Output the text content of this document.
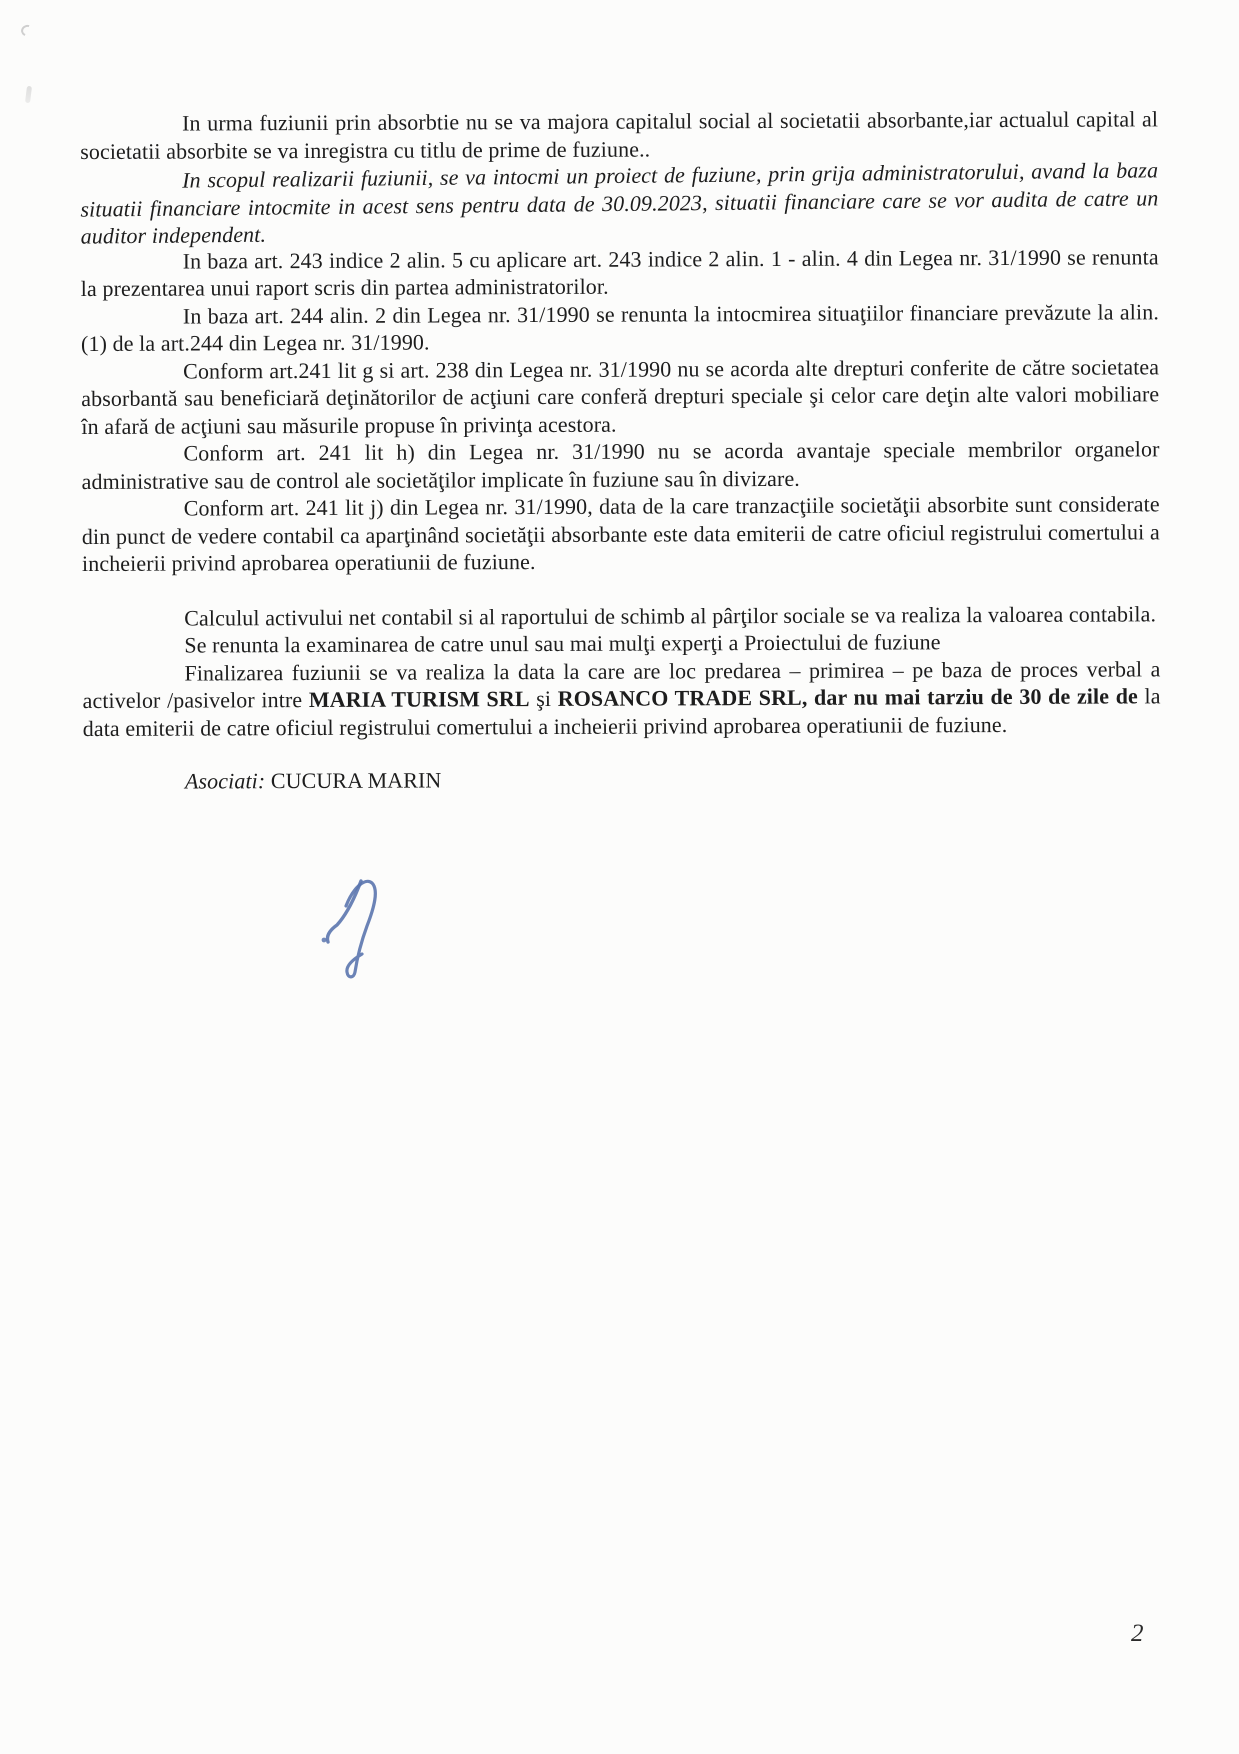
In urma fuziunii prin absorbtie nu se va majora capitalul social al societatii absorbante,iar actualul capital al societatii absorbite se va inregistra cu titlu de prime de fuziune..

In scopul realizarii fuziunii, se va intocmi un proiect de fuziune, prin grija administratorului, avand la baza situatii financiare intocmite in acest sens pentru data de 30.09.2023, situatii financiare care se vor audita de catre un auditor independent.

In baza art. 243 indice 2 alin. 5 cu aplicare art. 243 indice 2 alin. 1 - alin. 4 din Legea nr. 31/1990 se renunta la prezentarea unui raport scris din partea administratorilor.

In baza art. 244 alin. 2 din Legea nr. 31/1990 se renunta la intocmirea situaţiilor financiare prevăzute la alin. (1) de la art.244 din Legea nr. 31/1990.

Conform art.241 lit g si art. 238 din Legea nr. 31/1990 nu se acorda alte drepturi conferite de către societatea absorbantă sau beneficiară deţinătorilor de acţiuni care conferă drepturi speciale şi celor care deţin alte valori mobiliare în afară de acţiuni sau măsurile propuse în privinţa acestora.

Conform art. 241 lit h) din Legea nr. 31/1990 nu se acorda avantaje speciale membrilor organelor administrative sau de control ale societăţilor implicate în fuziune sau în divizare.

Conform art. 241 lit j) din Legea nr. 31/1990, data de la care tranzacţiile societăţii absorbite sunt considerate din punct de vedere contabil ca aparţinând societăţii absorbante este data emiterii de catre oficiul registrului comertului a incheierii privind aprobarea operatiunii de fuziune.

Calculul activului net contabil si al raportului de schimb al pârţilor sociale se va realiza la valoarea contabila.

Se renunta la examinarea de catre unul sau mai mulţi experţi a Proiectului de fuziune

Finalizarea fuziunii se va realiza la data la care are loc predarea – primirea – pe baza de proces verbal a activelor /pasivelor intre MARIA TURISM SRL şi ROSANCO TRADE SRL, dar nu mai tarziu de 30 de zile de la data emiterii de catre oficiul registrului comertului a incheierii privind aprobarea operatiunii de fuziune.

Asociati: CUCURA MARIN

2
